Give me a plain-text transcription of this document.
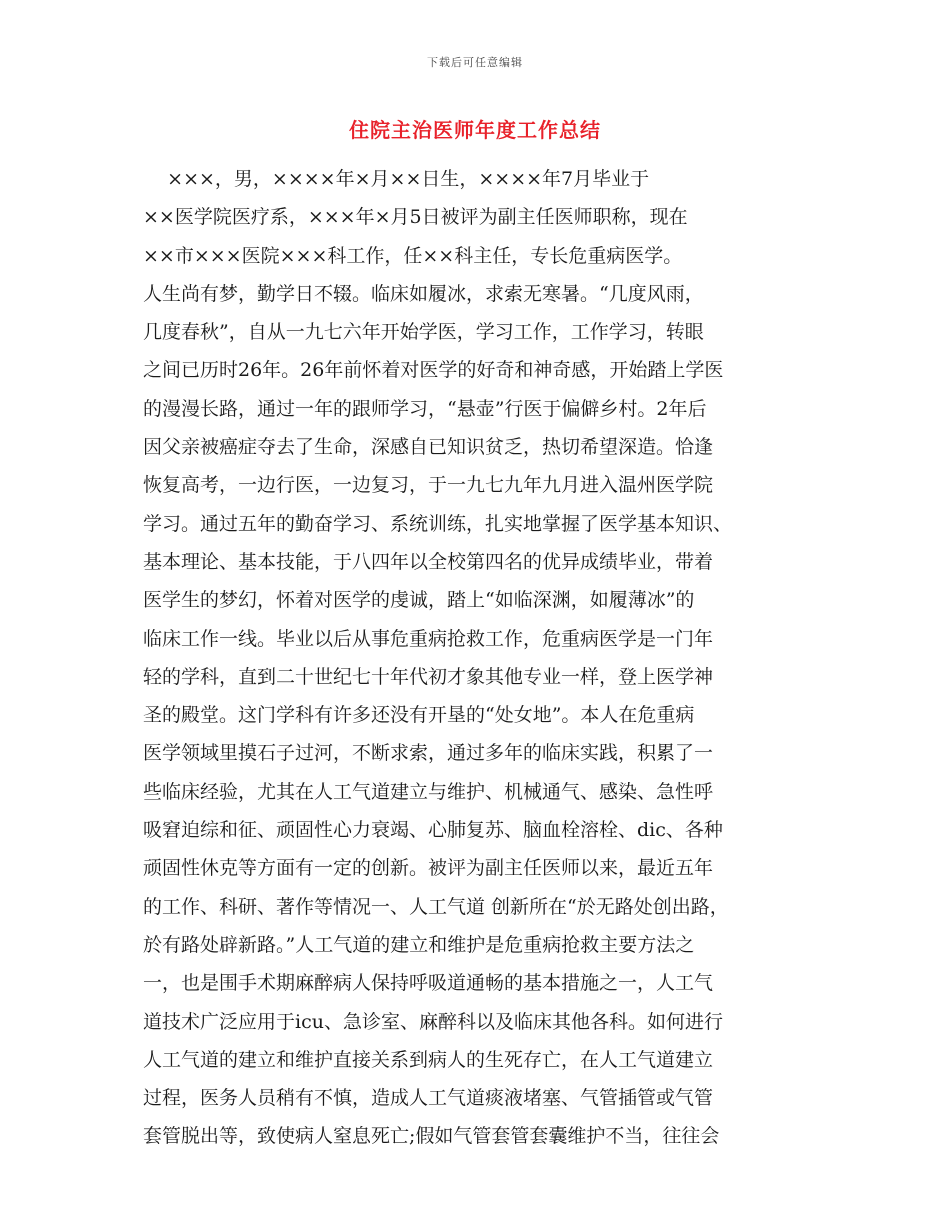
下载后可任意编辑
住院主治医师年度工作总结
×××，男，××××年×月××日生，××××年7月毕业于
××医学院医疗系，×××年×月5日被评为副主任医师职称，现在
××市×××医院×××科工作，任××科主任，专长危重病医学。
人生尚有梦，勤学日不辍。临床如履冰，求索无寒暑。“几度风雨，
几度春秋”，自从一九七六年开始学医，学习工作，工作学习，转眼
之间已历时26年。26年前怀着对医学的好奇和神奇感，开始踏上学医
的漫漫长路，通过一年的跟师学习，“悬壶”行医于偏僻乡村。2年后
因父亲被癌症夺去了生命，深感自已知识贫乏，热切希望深造。恰逢
恢复高考，一边行医，一边复习，于一九七九年九月进入温州医学院
学习。通过五年的勤奋学习、系统训练，扎实地掌握了医学基本知识、
基本理论、基本技能，于八四年以全校第四名的优异成绩毕业，带着
医学生的梦幻，怀着对医学的虔诚，踏上“如临深渊，如履薄冰”的
临床工作一线。毕业以后从事危重病抢救工作，危重病医学是一门年
轻的学科，直到二十世纪七十年代初才象其他专业一样，登上医学神
圣的殿堂。这门学科有许多还没有开垦的“处女地”。本人在危重病
医学领域里摸石子过河，不断求索，通过多年的临床实践，积累了一
些临床经验，尤其在人工气道建立与维护、机械通气、感染、急性呼
吸窘迫综和征、顽固性心力衰竭、心肺复苏、脑血栓溶栓、dic、各种
顽固性休克等方面有一定的创新。被评为副主任医师以来，最近五年
的工作、科研、著作等情况一、人工气道 创新所在“於无路处创出路，
於有路处辟新路。”人工气道的建立和维护是危重病抢救主要方法之
一，也是围手术期麻醉病人保持呼吸道通畅的基本措施之一，人工气
道技术广泛应用于icu、急诊室、麻醉科以及临床其他各科。如何进行
人工气道的建立和维护直接关系到病人的生死存亡，在人工气道建立
过程，医务人员稍有不慎，造成人工气道痰液堵塞、气管插管或气管
套管脱出等，致使病人窒息死亡;假如气管套管套囊维护不当，往往会
